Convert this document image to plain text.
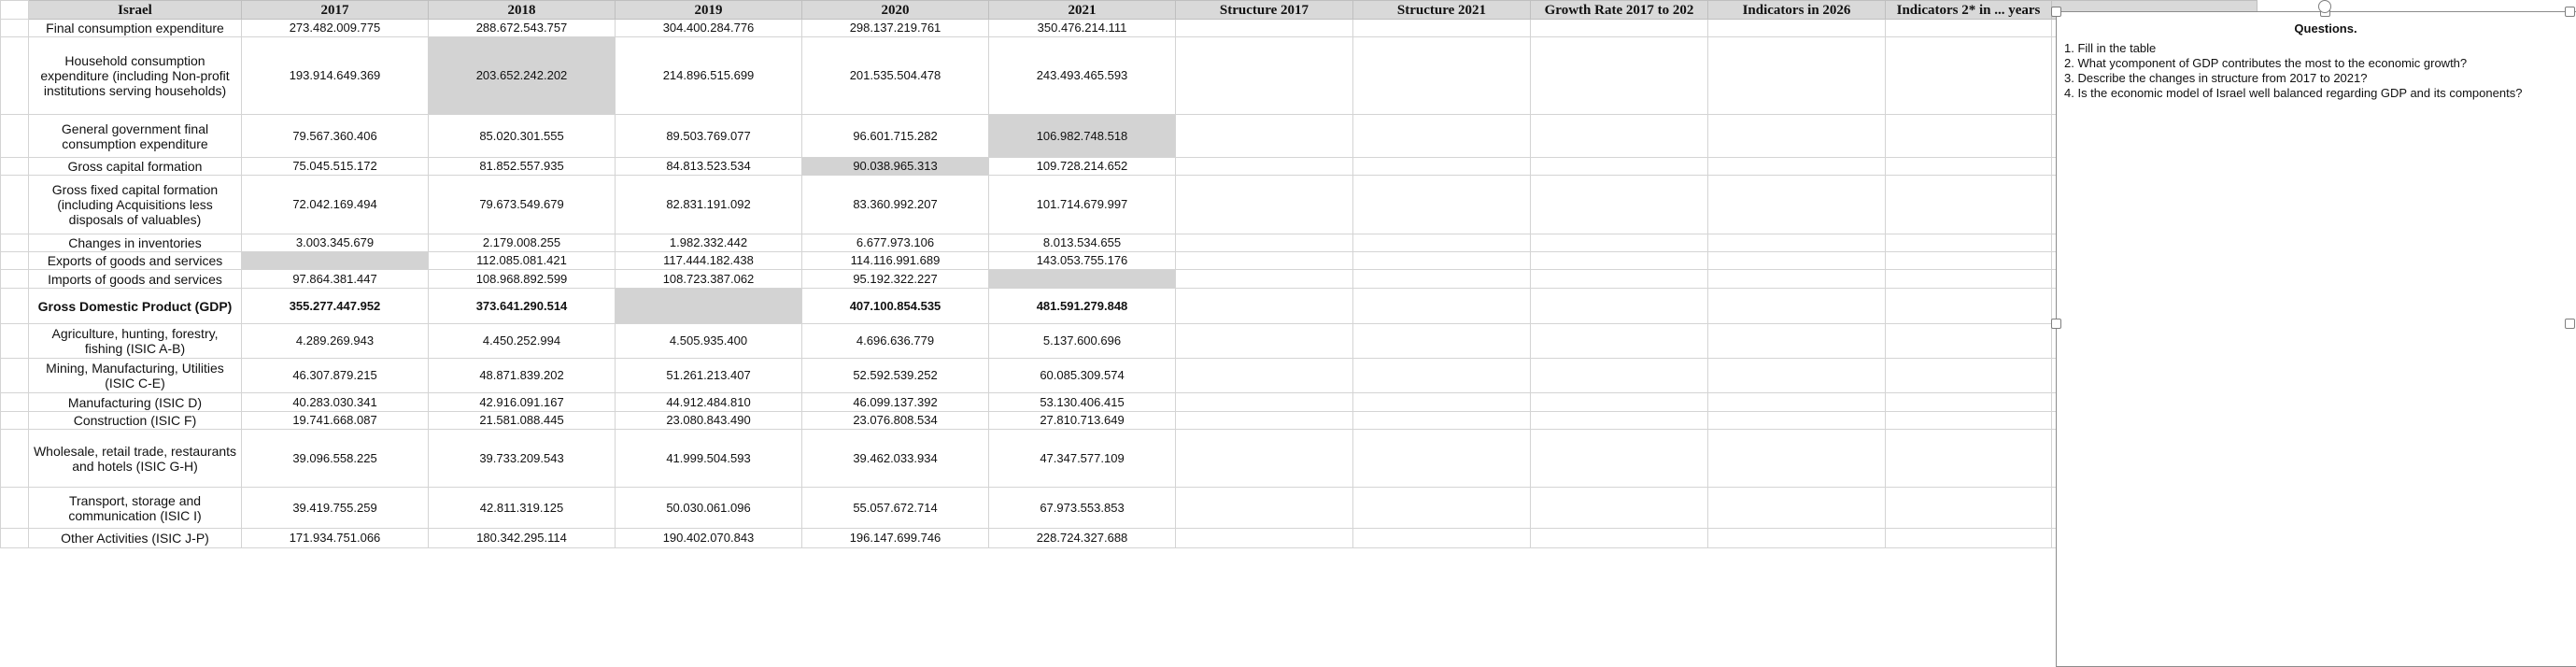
	Israel	2017	2018	2019	2020	2021	Structure 2017	Structure 2021	Growth Rate 2017 to 202	Indicators in 2026	Indicators 2* in ... years	
	Final consumption expenditure	273.482.009.775	288.672.543.757	304.400.284.776	298.137.219.761	350.476.214.111						
	Household consumption expenditure (including Non-profit institutions serving households)	193.914.649.369	203.652.242.202	214.896.515.699	201.535.504.478	243.493.465.593						
	General government final consumption expenditure	79.567.360.406	85.020.301.555	89.503.769.077	96.601.715.282	106.982.748.518						
	Gross capital formation	75.045.515.172	81.852.557.935	84.813.523.534	90.038.965.313	109.728.214.652						
	Gross fixed capital formation (including Acquisitions less disposals of valuables)	72.042.169.494	79.673.549.679	82.831.191.092	83.360.992.207	101.714.679.997						
	Changes in inventories	3.003.345.679	2.179.008.255	1.982.332.442	6.677.973.106	8.013.534.655						
	Exports of goods and services		112.085.081.421	117.444.182.438	114.116.991.689	143.053.755.176						
	Imports of goods and services	97.864.381.447	108.968.892.599	108.723.387.062	95.192.322.227							
	Gross Domestic Product (GDP)	355.277.447.952	373.641.290.514		407.100.854.535	481.591.279.848						
	Agriculture, hunting, forestry, fishing (ISIC A-B)	4.289.269.943	4.450.252.994	4.505.935.400	4.696.636.779	5.137.600.696						
	Mining, Manufacturing, Utilities (ISIC C-E)	46.307.879.215	48.871.839.202	51.261.213.407	52.592.539.252	60.085.309.574						
	Manufacturing (ISIC D)	40.283.030.341	42.916.091.167	44.912.484.810	46.099.137.392	53.130.406.415						
	Construction (ISIC F)	19.741.668.087	21.581.088.445	23.080.843.490	23.076.808.534	27.810.713.649						
	Wholesale, retail trade, restaurants and hotels (ISIC G-H)	39.096.558.225	39.733.209.543	41.999.504.593	39.462.033.934	47.347.577.109						
	Transport, storage and communication (ISIC I)	39.419.755.259	42.811.319.125	50.030.061.096	55.057.672.714	67.973.553.853						
	Other Activities (ISIC J-P)	171.934.751.066	180.342.295.114	190.402.070.843	196.147.699.746	228.724.327.688						
Questions.
1. Fill in the table
2. What ycomponent of GDP contributes the most to the economic growth?
3. Describe the changes in structure from 2017 to 2021?
4. Is the economic model of Israel well balanced regarding GDP and its components?
